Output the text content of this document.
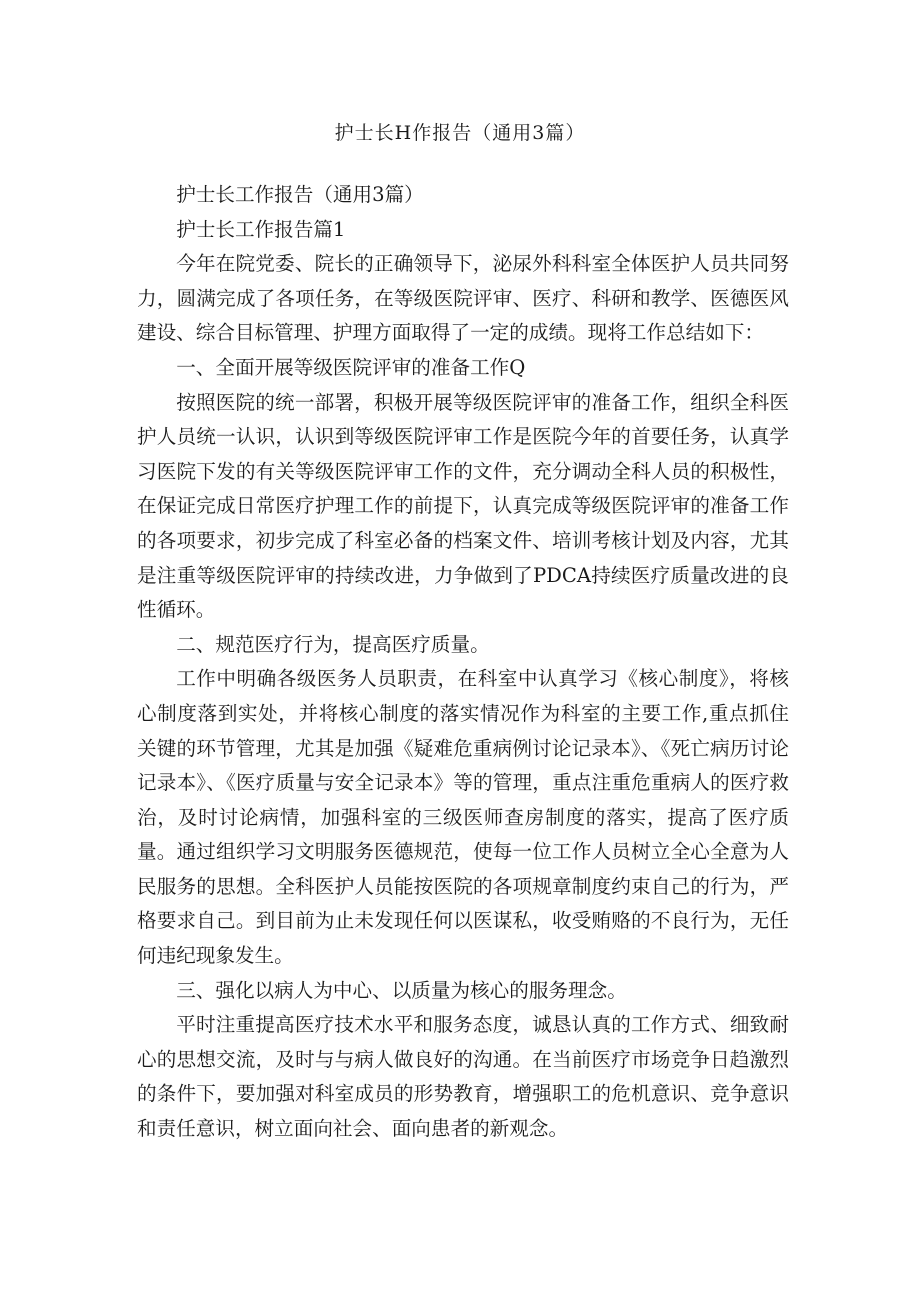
护士长H作报告（通用3篇）

护士长工作报告（通用3篇）

护士长工作报告篇1

今年在院党委、院长的正确领导下，泌尿外科科室全体医护人员共同努力，圆满完成了各项任务，在等级医院评审、医疗、科研和教学、医德医风建设、综合目标管理、护理方面取得了一定的成绩。现将工作总结如下：

一、全面开展等级医院评审的准备工作Q

按照医院的统一部署，积极开展等级医院评审的准备工作，组织全科医护人员统一认识，认识到等级医院评审工作是医院今年的首要任务，认真学习医院下发的有关等级医院评审工作的文件，充分调动全科人员的积极性，在保证完成日常医疗护理工作的前提下，认真完成等级医院评审的准备工作的各项要求，初步完成了科室必备的档案文件、培训考核计划及内容，尤其是注重等级医院评审的持续改进，力争做到了PDCA持续医疗质量改进的良性循环。

二、规范医疗行为，提高医疗质量。

工作中明确各级医务人员职责，在科室中认真学习《核心制度》，将核心制度落到实处，并将核心制度的落实情况作为科室的主要工作,重点抓住关键的环节管理，尤其是加强《疑难危重病例讨论记录本》、《死亡病历讨论记录本》、《医疗质量与安全记录本》等的管理，重点注重危重病人的医疗救治，及时讨论病情，加强科室的三级医师查房制度的落实，提高了医疗质量。通过组织学习文明服务医德规范，使每一位工作人员树立全心全意为人民服务的思想。全科医护人员能按医院的各项规章制度约束自己的行为，严格要求自己。到目前为止未发现任何以医谋私，收受贿赂的不良行为，无任何违纪现象发生。

三、强化以病人为中心、以质量为核心的服务理念。

平时注重提高医疗技术水平和服务态度，诚恳认真的工作方式、细致耐心的思想交流，及时与与病人做良好的沟通。在当前医疗市场竞争日趋激烈的条件下，要加强对科室成员的形势教育，增强职工的危机意识、竞争意识和责任意识，树立面向社会、面向患者的新观念。
